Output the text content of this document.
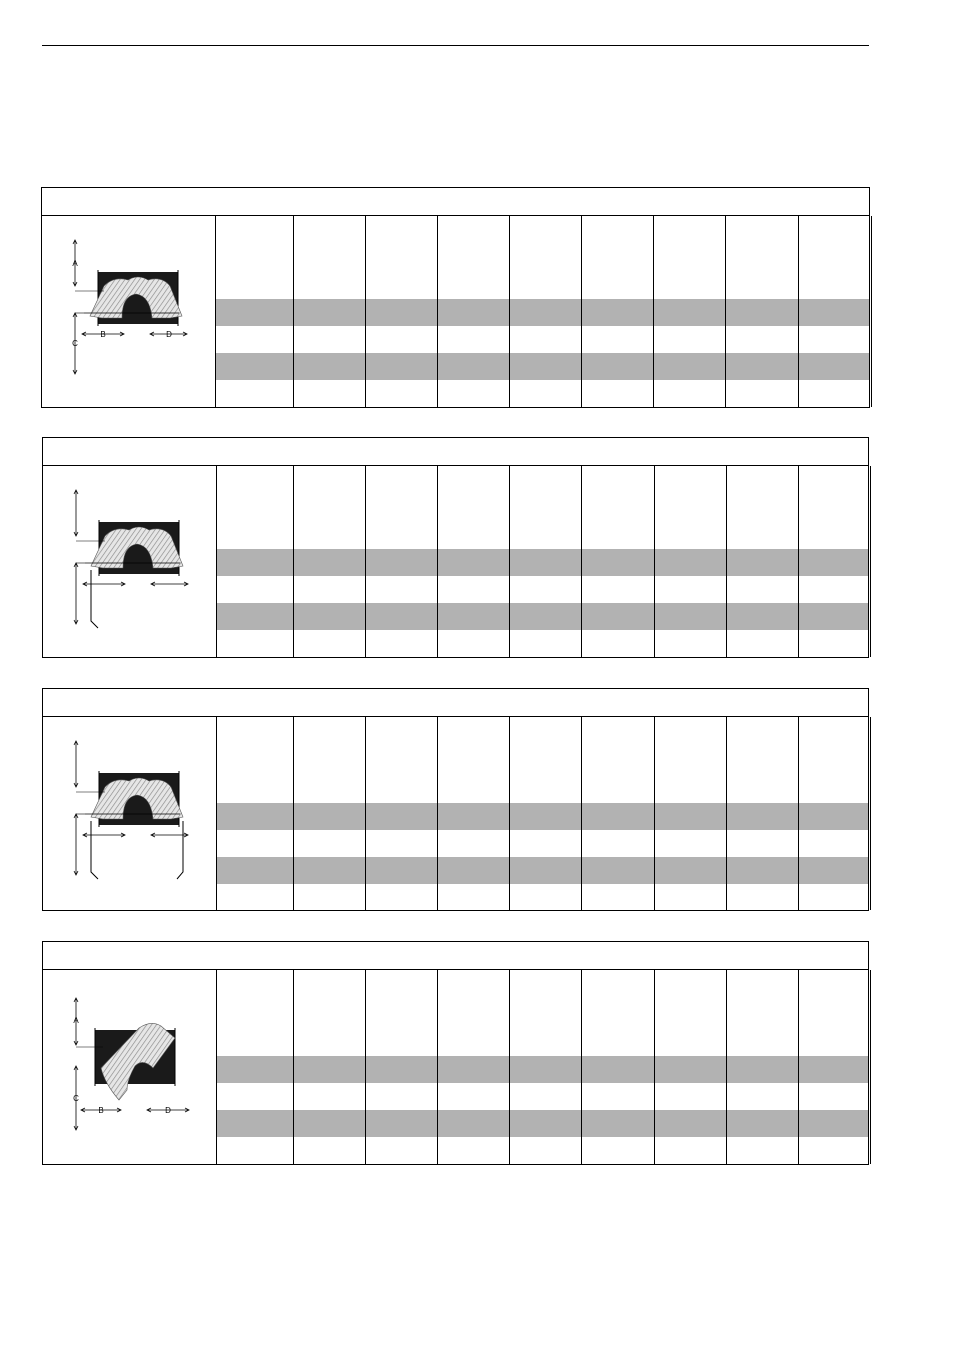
A
B
C
D
A
B
C
D
